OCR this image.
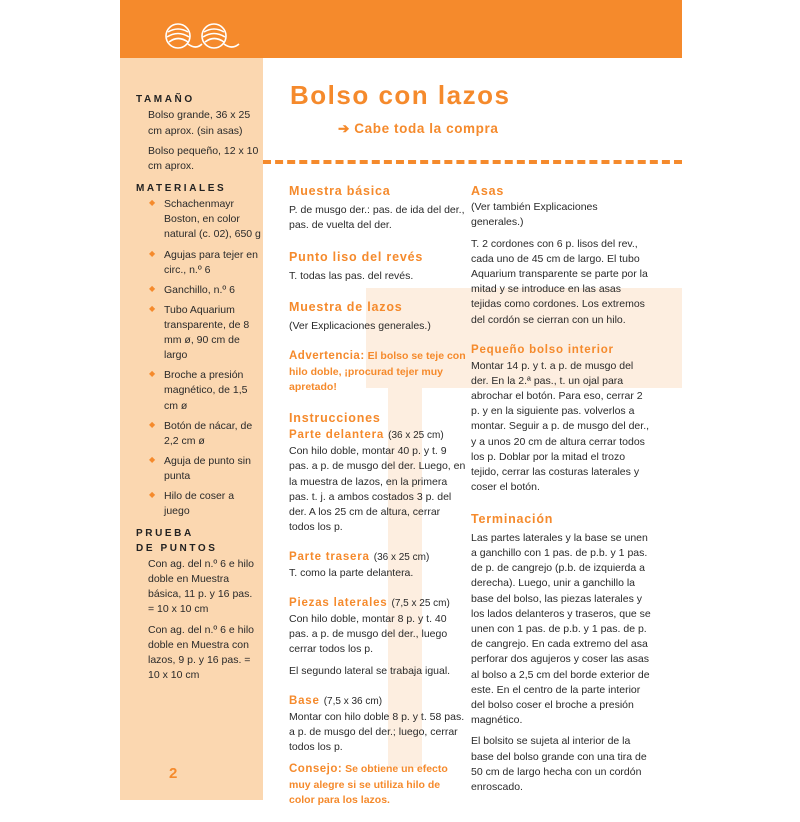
TAMAÑO
Bolso grande, 36 x 25 cm aprox. (sin asas)
Bolso pequeño, 12 x 10 cm aprox.
MATERIALES
◆ Schachenmayr Boston, en color natural (c. 02), 650 g
◆ Agujas para tejer en circ., n.º 6
◆ Ganchillo, n.º 6
◆ Tubo Aquarium transparente, de 8 mm ø, 90 cm de largo
◆ Broche a presión magnético, de 1,5 cm ø
◆ Botón de nácar, de 2,2 cm ø
◆ Aguja de punto sin punta
◆ Hilo de coser a juego
PRUEBA
DE PUNTOS
Con ag. del n.º 6 e hilo doble en Muestra básica, 11 p. y 16 pas. = 10 x 10 cm
Con ag. del n.º 6 e hilo doble en Muestra con lazos, 9 p. y 16 pas. = 10 x 10 cm
2
Bolso con lazos
➔ Cabe toda la compra
Muestra básica
P. de musgo der.: pas. de ida del der., pas. de vuelta del der.
Punto liso del revés
T. todas las pas. del revés.
Muestra de lazos
(Ver Explicaciones generales.)
Advertencia: El bolso se teje con hilo doble, ¡procurad tejer muy apretado!
Instrucciones
Parte delantera (36 x 25 cm)
Con hilo doble, montar 40 p. y t. 9 pas. a p. de musgo del der. Luego, en la muestra de lazos, en la primera pas. t. j. a ambos costados 3 p. del der. A los 25 cm de altura, cerrar todos los p.
Parte trasera (36 x 25 cm)
T. como la parte delantera.
Piezas laterales (7,5 x 25 cm)
Con hilo doble, montar 8 p. y t. 40 pas. a p. de musgo del der., luego cerrar todos los p.
El segundo lateral se trabaja igual.
Base (7,5 x 36 cm)
Montar con hilo doble 8 p. y t. 58 pas. a p. de musgo del der.; luego, cerrar todos los p.
Consejo: Se obtiene un efecto muy alegre si se utiliza hilo de color para los lazos.
Asas
(Ver también Explicaciones generales.)
T. 2 cordones con 6 p. lisos del rev., cada uno de 45 cm de largo. El tubo Aquarium transparente se parte por la mitad y se introduce en las asas tejidas como cordones. Los extremos del cordón se cierran con un hilo.
Pequeño bolso interior
Montar 14 p. y t. a p. de musgo del der. En la 2.ª pas., t. un ojal para abrochar el botón. Para eso, cerrar 2 p. y en la siguiente pas. volverlos a montar. Seguir a p. de musgo del der., y a unos 20 cm de altura cerrar todos los p. Doblar por la mitad el trozo tejido, cerrar las costuras laterales y coser el botón.
Terminación
Las partes laterales y la base se unen a ganchillo con 1 pas. de p.b. y 1 pas. de p. de cangrejo (p.b. de izquierda a derecha). Luego, unir a ganchillo la base del bolso, las piezas laterales y los lados delanteros y traseros, que se unen con 1 pas. de p.b. y 1 pas. de p. de cangrejo. En cada extremo del asa perforar dos agujeros y coser las asas al bolso a 2,5 cm del borde exterior de este. En el centro de la parte interior del bolso coser el broche a presión magnético.
El bolsito se sujeta al interior de la base del bolso grande con una tira de 50 cm de largo hecha con un cordón enroscado.
